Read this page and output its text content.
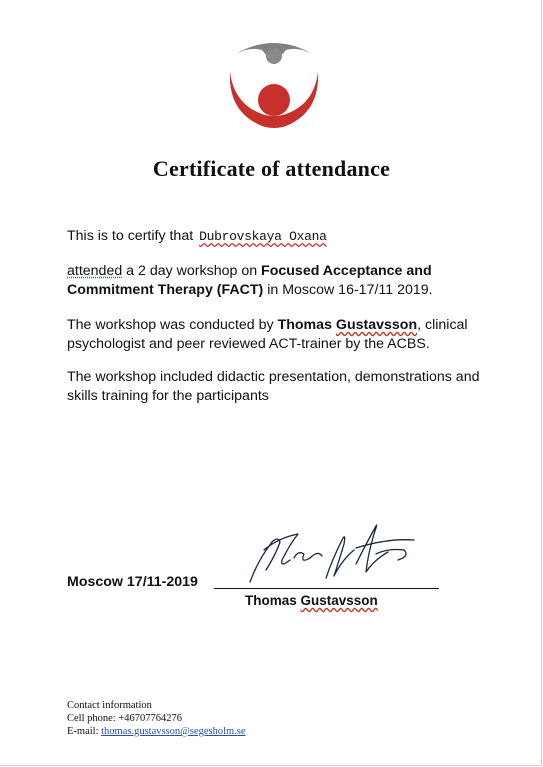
Certificate of attendance
This is to certify that Dubrovskaya Oxana
attended a 2 day workshop on Focused Acceptance and Commitment Therapy (FACT) in Moscow 16-17/11 2019.
The workshop was conducted by Thomas Gustavsson, clinical psychologist and peer reviewed ACT-trainer by the ACBS.
The workshop included didactic presentation, demonstrations and skills training for the participants
Moscow 17/11-2019
Thomas Gustavsson
Contact information
Cell phone: +46707764276
E-mail: thomas.gustavsson@segesholm.se
